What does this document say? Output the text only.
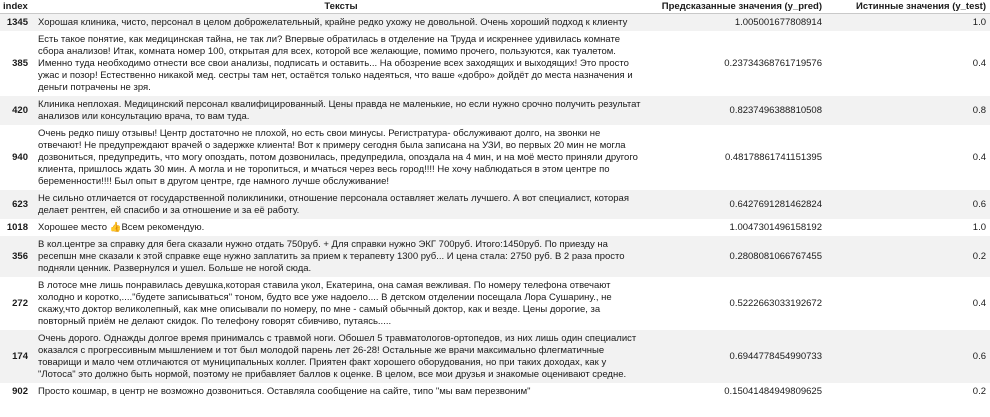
index	Тексты	Предсказанные значения (y_pred)	Истинные значения (y_test)
1345	Хорошая клиника, чисто, персонал в целом доброжелательный, крайне редко ухожу не довольной. Очень хороший подход к клиенту	1.005001677808914	1.0
385	Есть такое понятие, как медицинская тайна, не так ли? Впервые обратилась в отделение на Труда и искреннее удивилась комнате сбора анализов! Итак, комната номер 100, открытая для всех, которой все желающие, помимо прочего, пользуются, как туалетом. Именно туда необходимо отнести все свои анализы, подписать и оставить... На обозрение всех заходящих и выходящих! Это просто ужас и позор! Естественно никакой мед. сестры там нет, остаётся только надеяться, что ваше «добро» дойдёт до места назначения и деньги потрачены не зря.	0.23734368761719576	0.4
420	Клиника неплохая. Медицинский персонал квалифицированный. Цены правда не маленькие, но если нужно срочно получить результат анализов или консультацию врача, то вам туда.	0.8237496388810508	0.8
940	Очень редко пишу отзывы! Центр достаточно не плохой, но есть свои минусы. Регистратура- обслуживают долго, на звонки не отвечают! Не предупреждают врачей о задержке клиента! Вот к примеру сегодня была записана на УЗИ, во первых 20 мин не могла дозвониться, предупредить, что могу опоздать, потом дозвонилась, предупредила, опоздала на 4 мин, и на моё место приняли другого клиента, пришлось ждать 30 мин. А могла и не торопиться, и мчаться через весь город!!!! Не хочу наблюдаться в этом центре по беременности!!!! Был опыт в другом центре, где намного лучше обслуживание!	0.48178861741151395	0.4
623	Не сильно отличается от государственной поликлиники, отношение персонала оставляет желать лучшего. А вот специалист, которая делает рентген, ей спасибо и за отношение и за её работу.	0.6427691281462824	0.6
1018	Хорошее место 👍Всем рекомендую.	1.0047301496158192	1.0
356	В кол.центре за справку для бега сказали нужно отдать 750руб. + Для справки нужно ЭКГ 700руб. Итого:1450руб. По приезду на ресепшн мне сказали к этой справке еще нужно заплатить за прием к терапевту 1300 руб... И цена стала: 2750 руб. В 2 раза просто подняли ценник. Развернулся и ушел. Больше не ногой сюда.	0.2808081066767455	0.2
272	В лотосе мне лишь понравилась девушка,которая ставила укол, Екатерина, она самая вежливая. По номеру телефона отвечают холодно и коротко,...."будете записываться" тоном, будто все уже надоело.... В детском отделении посещала Лора Сушарину., не скажу,что доктор великолепный, как мне описывали по номеру, по мне - самый обычный доктор, как и везде. Цены дорогие, за повторный приём не делают скидок. По телефону говорят сбивчиво, путаясь.....	0.5222663033192672	0.4
174	Очень дорого. Однажды долгое время принималсь с травмой ноги. Обошел 5 травматологов-ортопедов, из них лишь один специалист оказался с прогрессивным мышлением и тот был молодой парень лет 26-28! Остальные же врачи максимально флегматичные товарищи и мало чем отличаются от муниципальных коллег. Приятен факт хорошего оборудования, но при таких доходах, как у "Лотоса" это должно быть нормой, поэтому не прибавляет баллов к оценке. В целом, все мои друзья и знакомые оценивают средне.	0.6944778454990733	0.6
902	Просто кошмар, в центр не возможно дозвониться. Оставляла сообщение на сайте, типо "мы вам перезвоним"	0.15041484949809625	0.2
